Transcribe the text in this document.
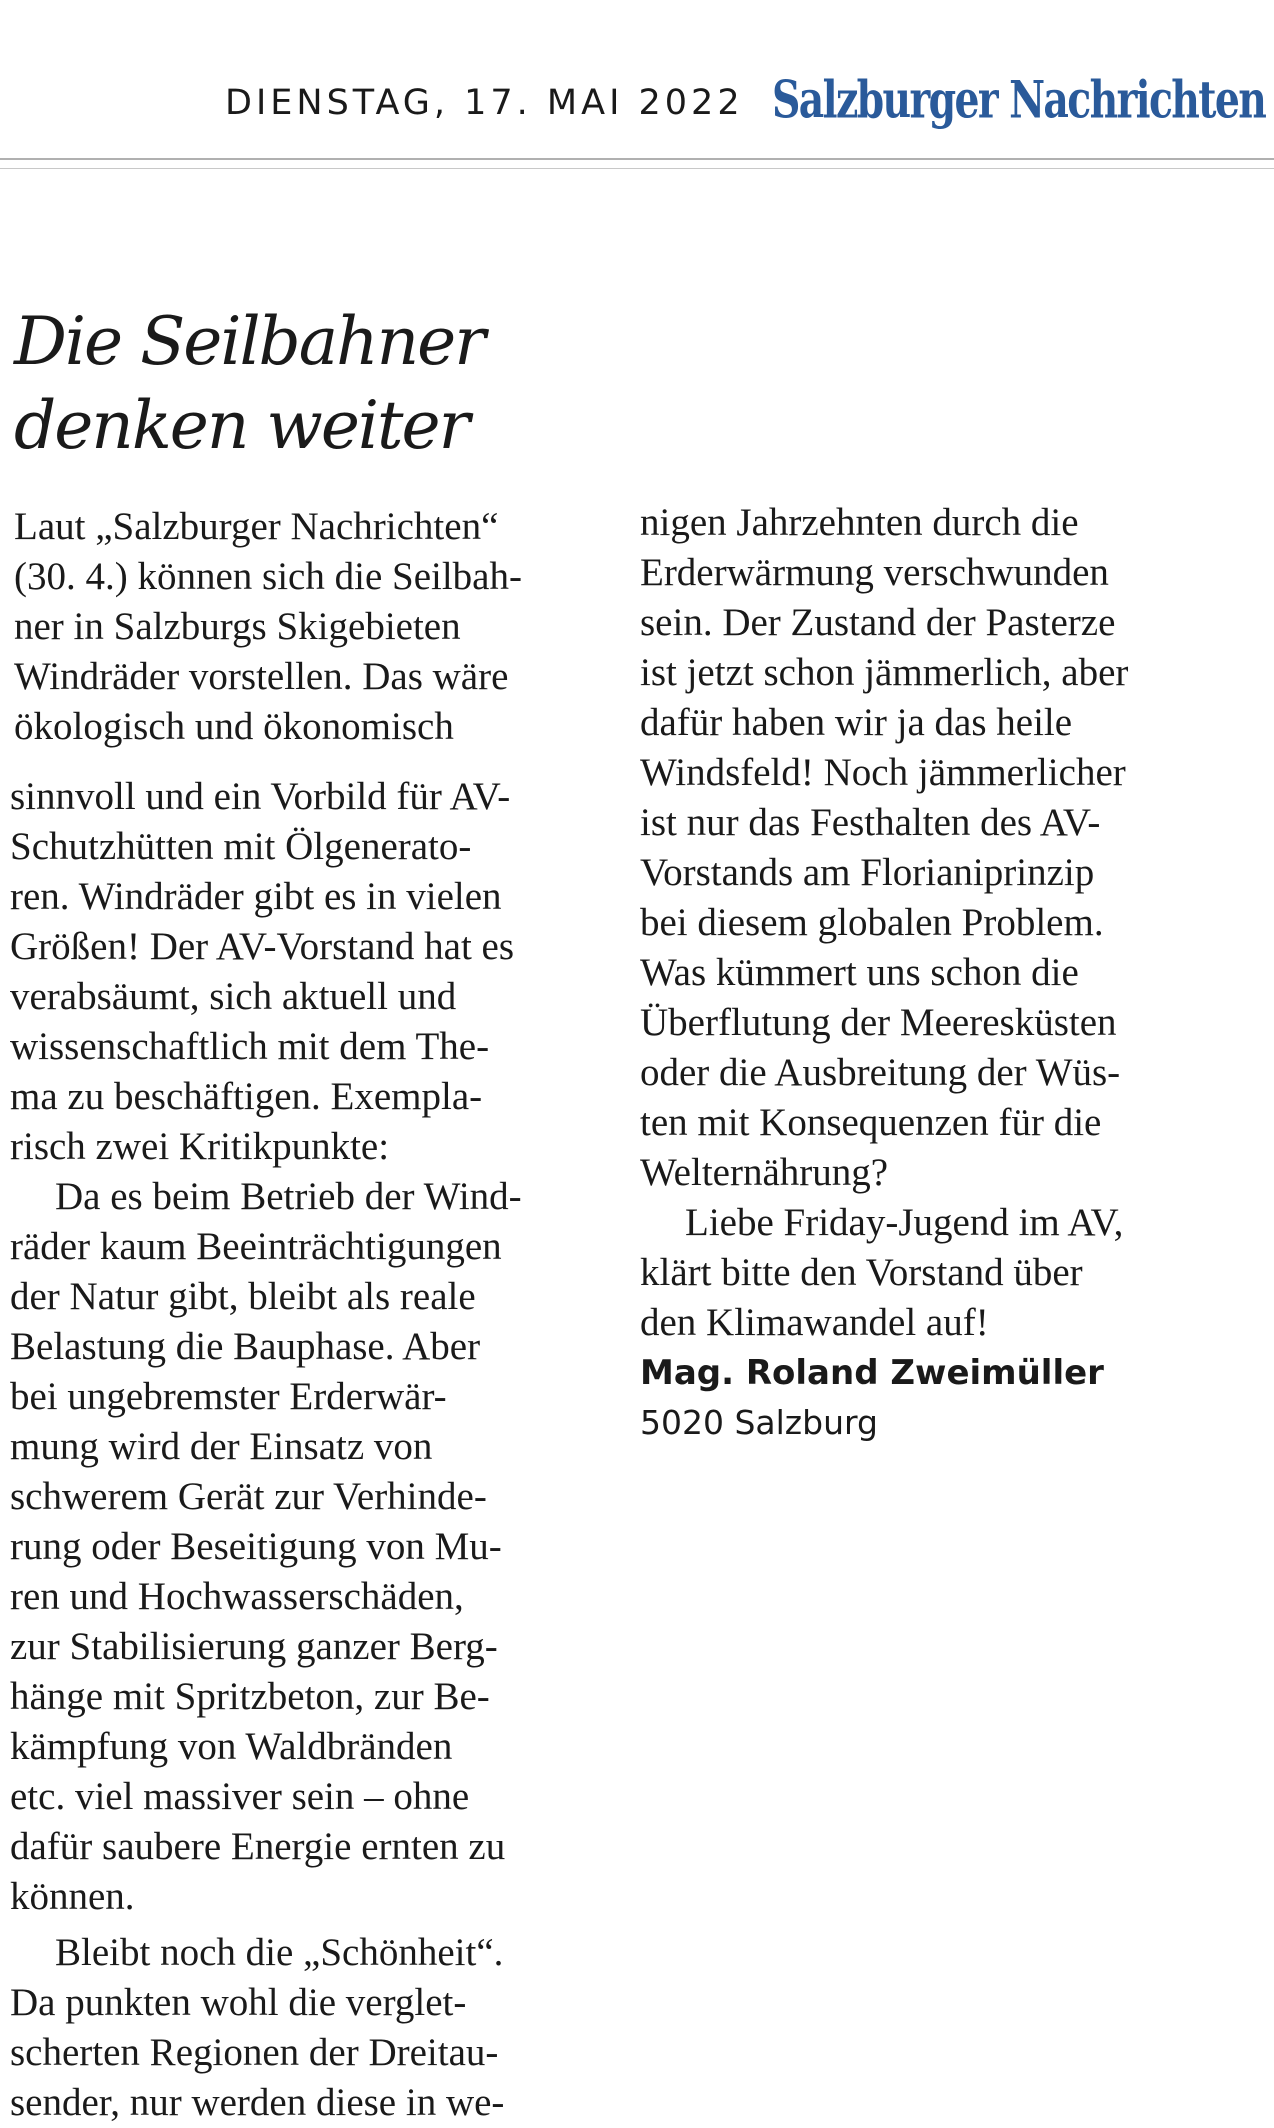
DIENSTAG, 17. MAI 2022 Salzburger Nachrichten
Die Seilbahner
denken weiter
Laut „Salzburger Nachrichten“
(30. 4.) können sich die Seilbah-
ner in Salzburgs Skigebieten
Windräder vorstellen. Das wäre
ökologisch und ökonomisch
sinnvoll und ein Vorbild für AV-
Schutzhütten mit Ölgenerato-
ren. Windräder gibt es in vielen
Größen! Der AV-Vorstand hat es
verabsäumt, sich aktuell und
wissenschaftlich mit dem The-
ma zu beschäftigen. Exempla-
risch zwei Kritikpunkte:
Da es beim Betrieb der Wind-
räder kaum Beeinträchtigungen
der Natur gibt, bleibt als reale
Belastung die Bauphase. Aber
bei ungebremster Erderwär-
mung wird der Einsatz von
schwerem Gerät zur Verhinde-
rung oder Beseitigung von Mu-
ren und Hochwasserschäden,
zur Stabilisierung ganzer Berg-
hänge mit Spritzbeton, zur Be-
kämpfung von Waldbränden
etc. viel massiver sein – ohne
dafür saubere Energie ernten zu
können.
Bleibt noch die „Schönheit“.
Da punkten wohl die verglet-
scherten Regionen der Dreitau-
sender, nur werden diese in we-
nigen Jahrzehnten durch die
Erderwärmung verschwunden
sein. Der Zustand der Pasterze
ist jetzt schon jämmerlich, aber
dafür haben wir ja das heile
Windsfeld! Noch jämmerlicher
ist nur das Festhalten des AV-
Vorstands am Florianiprinzip
bei diesem globalen Problem.
Was kümmert uns schon die
Überflutung der Meeresküsten
oder die Ausbreitung der Wüs-
ten mit Konsequenzen für die
Welternährung?
Liebe Friday-Jugend im AV,
klärt bitte den Vorstand über
den Klimawandel auf!
Mag. Roland Zweimüller
5020 Salzburg
